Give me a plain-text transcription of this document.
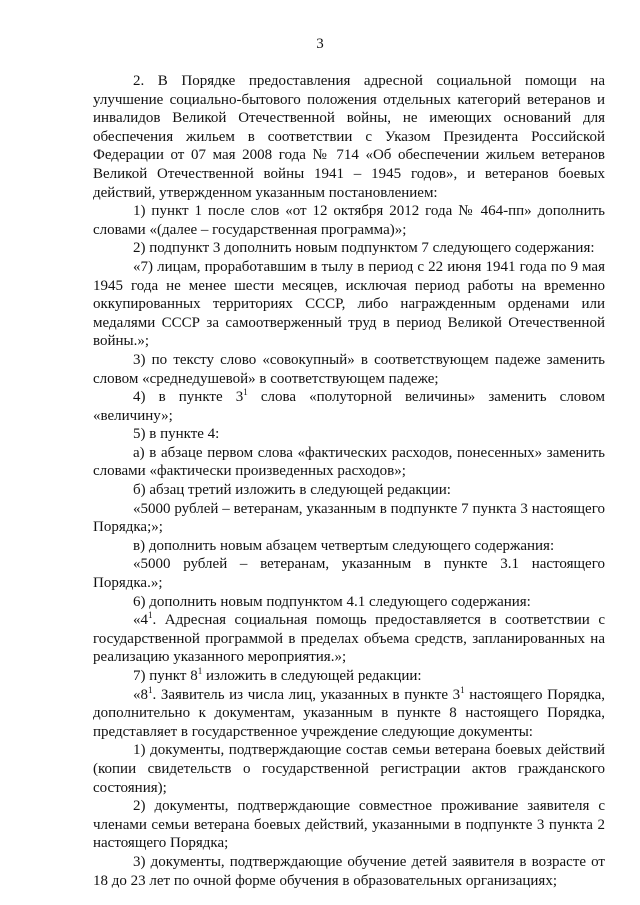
3

2. В Порядке предоставления адресной социальной помощи на улучшение социально-бытового положения отдельных категорий ветеранов и инвалидов Великой Отечественной войны, не имеющих оснований для обеспечения жильем в соответствии с Указом Президента Российской Федерации от 07 мая 2008 года № 714 «Об обеспечении жильем ветеранов Великой Отечественной войны 1941 – 1945 годов», и ветеранов боевых действий, утвержденном указанным постановлением:

1) пункт 1 после слов «от 12 октября 2012 года № 464-пп» дополнить словами «(далее – государственная программа)»;

2) подпункт 3 дополнить новым подпунктом 7 следующего содержания:

«7) лицам, проработавшим в тылу в период с 22 июня 1941 года по 9 мая 1945 года не менее шести месяцев, исключая период работы на временно оккупированных территориях СССР, либо награжденным орденами или медалями СССР за самоотверженный труд в период Великой Отечественной войны.»;

3) по тексту слово «совокупный» в соответствующем падеже заменить словом «среднедушевой» в соответствующем падеже;

4) в пункте $3^1$ слова «полуторной величины» заменить словом «величину»;

5) в пункте 4:

а) в абзаце первом слова «фактических расходов, понесенных» заменить словами «фактически произведенных расходов»;

б) абзац третий изложить в следующей редакции:

«5000 рублей – ветеранам, указанным в подпункте 7 пункта 3 настоящего Порядка;»;

в) дополнить новым абзацем четвертым следующего содержания:

«5000 рублей – ветеранам, указанным в пункте 3.1 настоящего Порядка.»;

6) дополнить новым подпунктом 4.1 следующего содержания:

«$4^1$. Адресная социальная помощь предоставляется в соответствии с государственной программой в пределах объема средств, запланированных на реализацию указанного мероприятия.»;

7) пункт $8^1$ изложить в следующей редакции:

«$8^1$. Заявитель из числа лиц, указанных в пункте $3^1$ настоящего Порядка, дополнительно к документам, указанным в пункте 8 настоящего Порядка, представляет в государственное учреждение следующие документы:

1) документы, подтверждающие состав семьи ветерана боевых действий (копии свидетельств о государственной регистрации актов гражданского состояния);

2) документы, подтверждающие совместное проживание заявителя с членами семьи ветерана боевых действий, указанными в подпункте 3 пункта 2 настоящего Порядка;

3) документы, подтверждающие обучение детей заявителя в возрасте от 18 до 23 лет по очной форме обучения в образовательных организациях;
